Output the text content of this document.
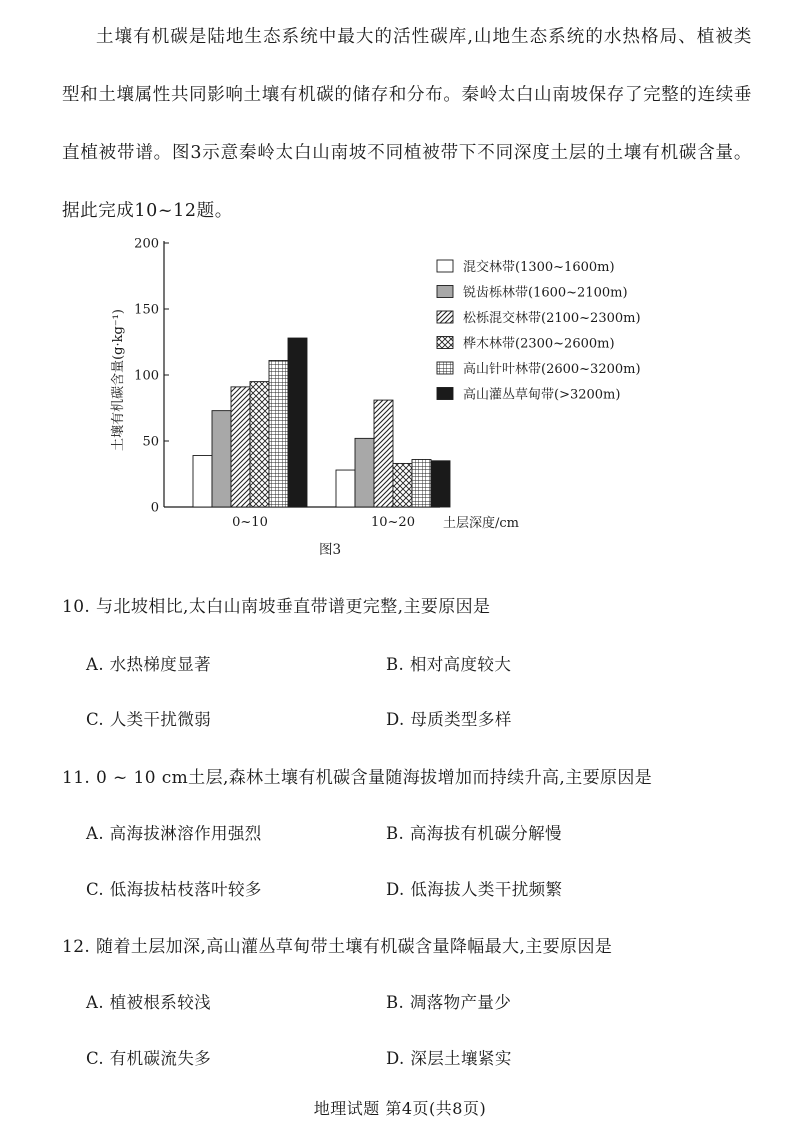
土壤有机碳是陆地生态系统中最大的活性碳库,山地生态系统的水热格局、植被类型和土壤属性共同影响土壤有机碳的储存和分布。秦岭太白山南坡保存了完整的连续垂直植被带谱。图3示意秦岭太白山南坡不同植被带下不同深度土层的土壤有机碳含量。据此完成10~12题。
0
50
100
150
200
0~10	10~20
混交林带(1300~1600m)
锐齿栎林带(1600~2100m)
松栎混交林带(2100~2300m)
桦木林带(2300~2600m)
高山针叶林带(2600~3200m)
高山灌丛草甸带(>3200m)
土壤有机碳含量(g·kg⁻¹)
土层深度/cm
图3
10. 与北坡相比,太白山南坡垂直带谱更完整,主要原因是
A. 水热梯度显著	B. 相对高度较大
C. 人类干扰微弱	D. 母质类型多样
11. 0 ~ 10 cm土层,森林土壤有机碳含量随海拔增加而持续升高,主要原因是
A. 高海拔淋溶作用强烈	B. 高海拔有机碳分解慢
C. 低海拔枯枝落叶较多	D. 低海拔人类干扰频繁
12. 随着土层加深,高山灌丛草甸带土壤有机碳含量降幅最大,主要原因是
A. 植被根系较浅	B. 凋落物产量少
C. 有机碳流失多	D. 深层土壤紧实
地理试题 第4页(共8页)
